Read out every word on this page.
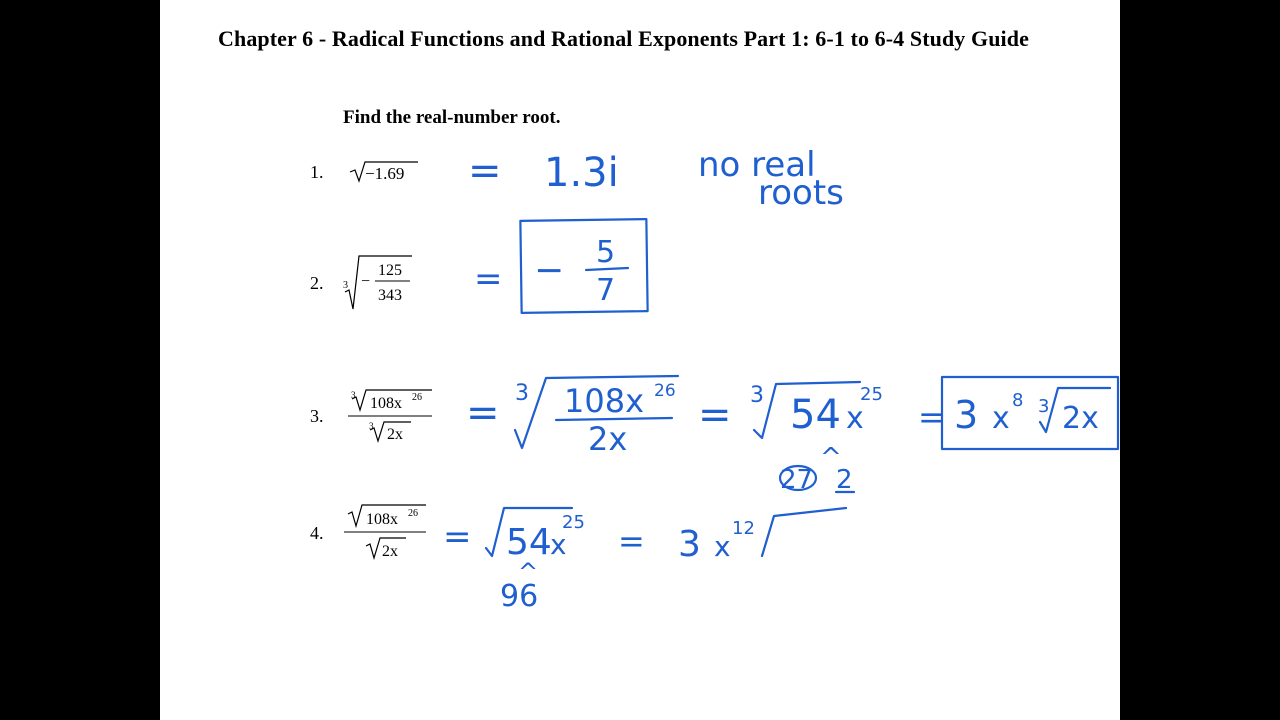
Chapter 6 - Radical Functions and Rational Exponents Part 1: 6-1 to 6-4 Study Guide
Find the real-number root.
1.
2.
3.
4.
−1.69
3 −
125
343
3 108x 26
3 2x
108x 26
2x
= 1.3i no real
roots
= − 5
7
= 3 108x 26
2x
= 3 54 x
25
^
27 2
= 3 x
8 3 2x
= 54
x
25
^
96
= 3 x
12
